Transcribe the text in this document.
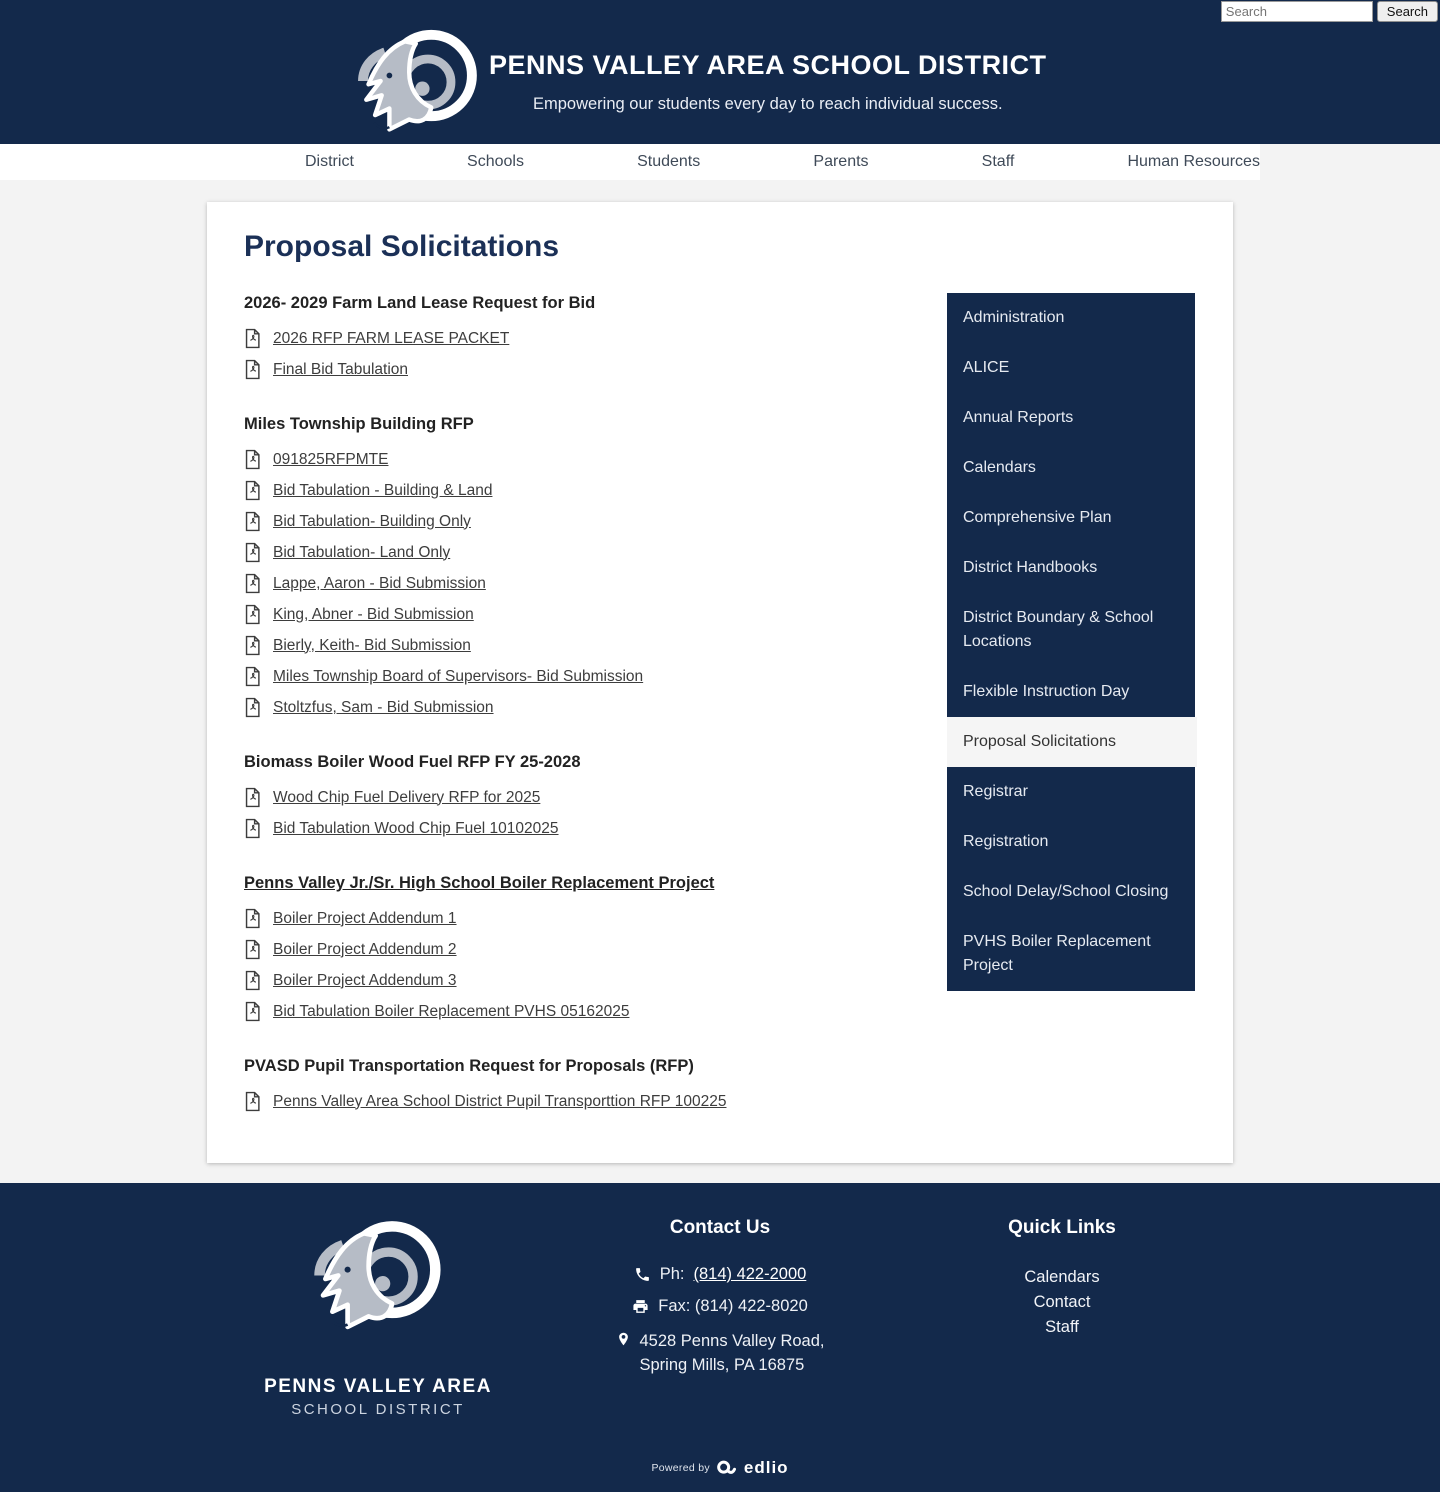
Search
Search
PENNS VALLEY AREA SCHOOL DISTRICT
Empowering our students every day to reach individual success.
District	Schools	Students	Parents	Staff	Human Resources
Proposal Solicitations
2026- 2029 Farm Land Lease Request for Bid
2026 RFP FARM LEASE PACKET
Final Bid Tabulation
Miles Township Building RFP
091825RFPMTE
Bid Tabulation - Building & Land
Bid Tabulation- Building Only
Bid Tabulation- Land Only
Lappe, Aaron - Bid Submission
King, Abner - Bid Submission
Bierly, Keith- Bid Submission
Miles Township Board of Supervisors- Bid Submission
Stoltzfus, Sam - Bid Submission
Biomass Boiler Wood Fuel RFP FY 25-2028
Wood Chip Fuel Delivery RFP for 2025
Bid Tabulation Wood Chip Fuel 10102025
Penns Valley Jr./Sr. High School Boiler Replacement Project
Boiler Project Addendum 1
Boiler Project Addendum 2
Boiler Project Addendum 3
Bid Tabulation Boiler Replacement PVHS 05162025
PVASD Pupil Transportation Request for Proposals (RFP)
Penns Valley Area School District Pupil Transporttion RFP 100225
Administration
ALICE
Annual Reports
Calendars
Comprehensive Plan
District Handbooks
District Boundary & School Locations
Flexible Instruction Day
Proposal Solicitations
Registrar
Registration
School Delay/School Closing
PVHS Boiler Replacement Project
PENNS VALLEY AREA
SCHOOL DISTRICT
Contact Us
Ph: (814) 422-2000
Fax: (814) 422-8020
4528 Penns Valley Road,
Spring Mills, PA 16875
Quick Links
Calendars
Contact
Staff
Powered by edlio
